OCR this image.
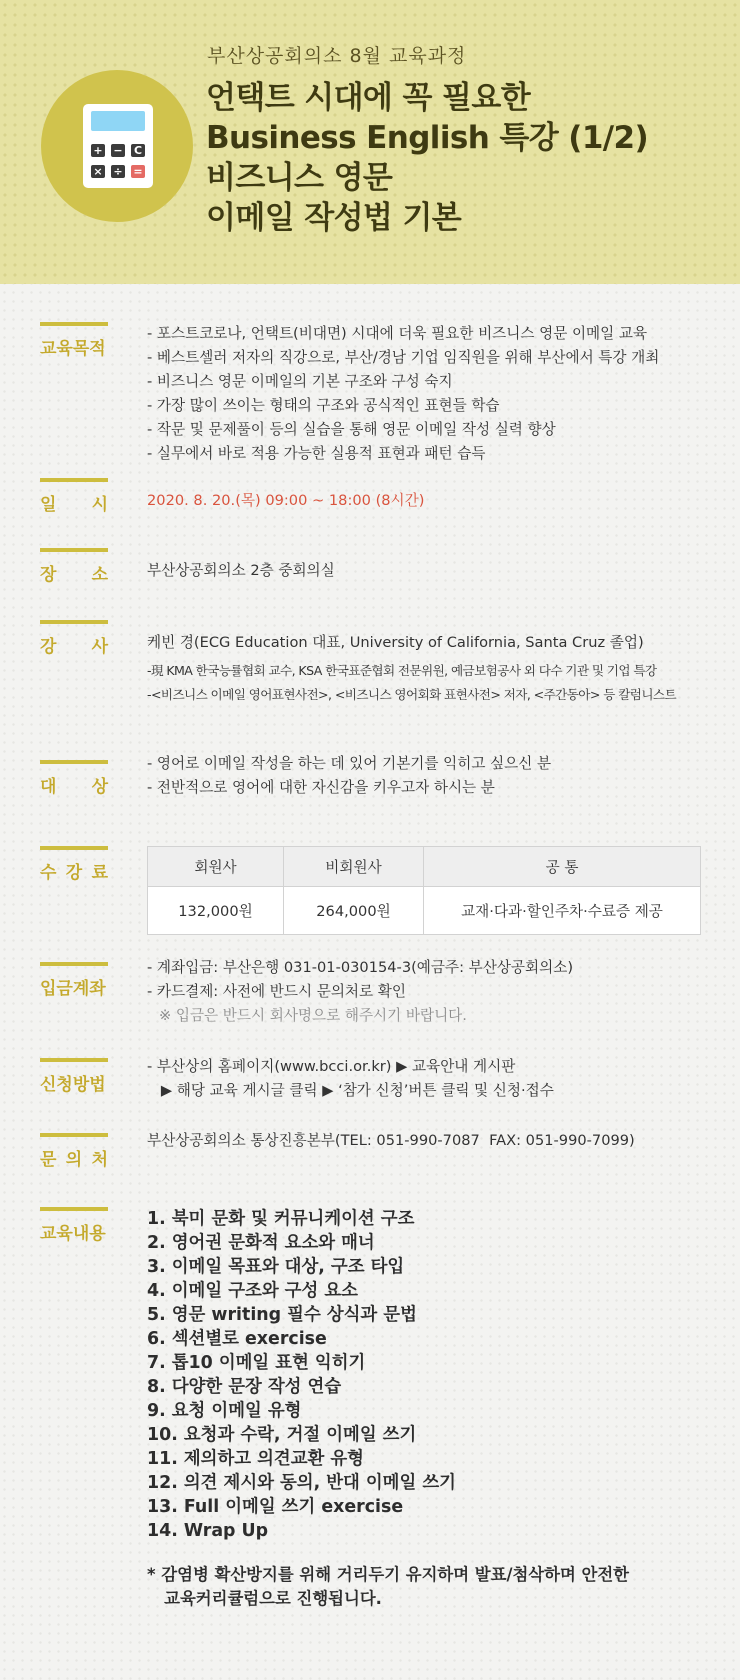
+ − C
× ÷ =
부산상공회의소 8월 교육과정
언택트 시대에 꼭 필요한
Business English 특강 (1/2)
비즈니스 영문
이메일 작성법 기본
교육목적
- 포스트코로나, 언택트(비대면) 시대에 더욱 필요한 비즈니스 영문 이메일 교육
- 베스트셀러 저자의 직강으로, 부산/경남 기업 임직원을 위해 부산에서 특강 개최
- 비즈니스 영문 이메일의 기본 구조와 구성 숙지
- 가장 많이 쓰이는 형태의 구조와 공식적인 표현들 학습
- 작문 및 문제풀이 등의 실습을 통해 영문 이메일 작성 실력 향상
- 실무에서 바로 적용 가능한 실용적 표현과 패턴 습득
일 시	2020. 8. 20.(목) 09:00 ~ 18:00 (8시간)
장 소	부산상공회의소 2층 중회의실
강 사	케빈 경(ECG Education 대표, University of California, Santa Cruz 졸업)
-現 KMA 한국능률협회 교수, KSA 한국표준협회 전문위원, 예금보험공사 외 다수 기관 및 기업 특강
-<비즈니스 이메일 영어표현사전>, <비즈니스 영어회화 표현사전> 저자, <주간동아> 등 칼럼니스트
대 상
- 영어로 이메일 작성을 하는 데 있어 기본기를 익히고 싶으신 분
- 전반적으로 영어에 대한 자신감을 키우고자 하시는 분
수 강 료	회원사	비회원사	공 통
132,000원	264,000원	교재·다과·할인주차·수료증 제공
입금계좌
- 계좌입금: 부산은행 031-01-030154-3(예금주: 부산상공회의소)
- 카드결제: 사전에 반드시 문의처로 확인
※ 입금은 반드시 회사명으로 해주시기 바랍니다.
신청방법
- 부산상의 홈페이지(www.bcci.or.kr) ▶ 교육안내 게시판
▶ 해당 교육 게시글 클릭 ▶ ‘참가 신청’버튼 클릭 및 신청·접수
문 의 처
부산상공회의소 통상진흥본부(TEL: 051-990-7087  FAX: 051-990-7099)
교육내용
1. 북미 문화 및 커뮤니케이션 구조
2. 영어권 문화적 요소와 매너
3. 이메일 목표와 대상, 구조 타입
4. 이메일 구조와 구성 요소
5. 영문 writing 필수 상식과 문법
6. 섹션별로 exercise
7. 톱10 이메일 표현 익히기
8. 다양한 문장 작성 연습
9. 요청 이메일 유형
10. 요청과 수락, 거절 이메일 쓰기
11. 제의하고 의견교환 유형
12. 의견 제시와 동의, 반대 이메일 쓰기
13. Full 이메일 쓰기 exercise
14. Wrap Up
* 감염병 확산방지를 위해 거리두기 유지하며 발표/첨삭하며 안전한
교육커리큘럼으로 진행됩니다.
